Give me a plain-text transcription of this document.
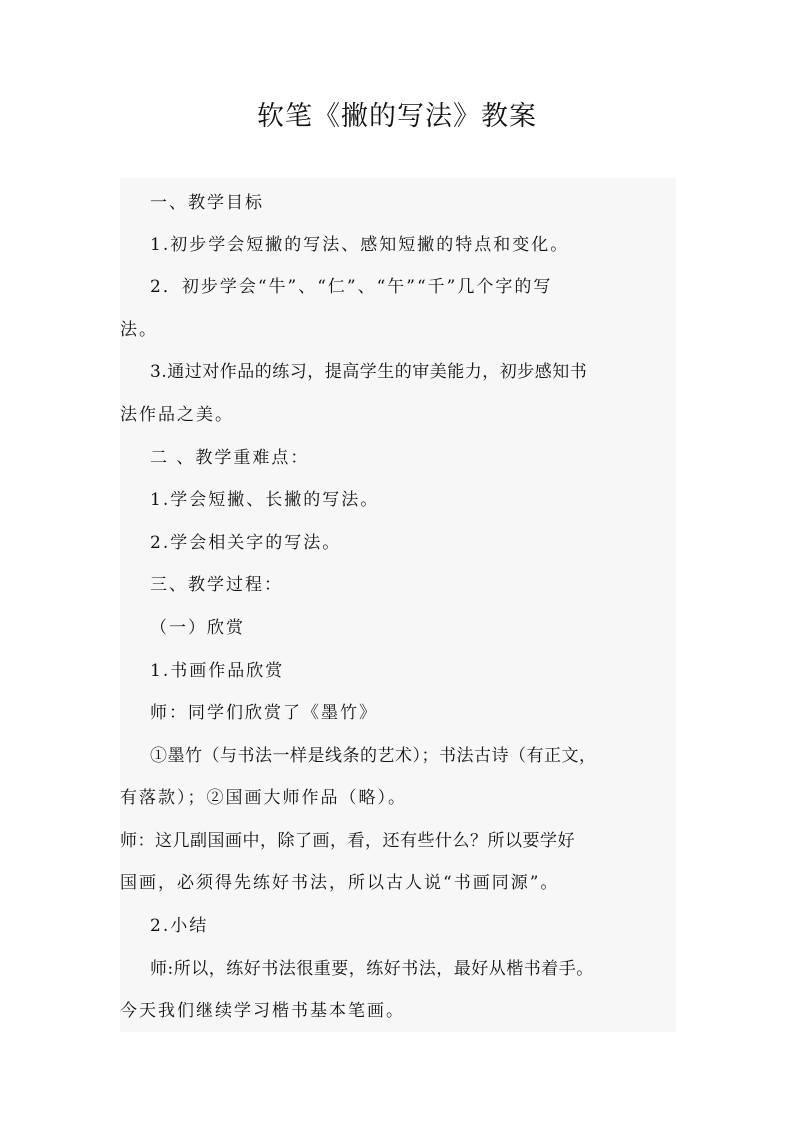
软笔《撇的写法》教案
一、教学目标
1.初步学会短撇的写法、感知短撇的特点和变化。
2．初步学会“牛”、“仁”、“午”“千”几个字的写
法。
3.通过对作品的练习，提高学生的审美能力，初步感知书
法作品之美。
二 、教学重难点：
1.学会短撇、长撇的写法。
2.学会相关字的写法。
三、教学过程：
（一）欣赏
1.书画作品欣赏
师：同学们欣赏了《墨竹》
①墨竹（与书法一样是线条的艺术）；书法古诗（有正文，
有落款）；②国画大师作品（略）。
师：这几副国画中，除了画，看，还有些什么？所以要学好
国画，必须得先练好书法，所以古人说“书画同源”。
2.小结
师:所以，练好书法很重要，练好书法，最好从楷书着手。
今天我们继续学习楷书基本笔画。
